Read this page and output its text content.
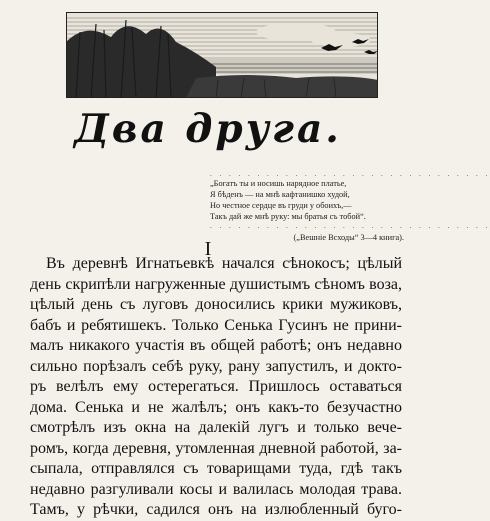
Два друга.
. . . . . . . . . . . . . . . . . . . . . . . . . . . . . .
„Богатъ ты и носишь нарядное платье,
Я бѣденъ — на мнѣ кафтанишко худой,
Но честное сердце въ груди у обоихъ,—
Такъ дай же мнѣ руку: мы братья съ тобой“.
. . . . . . . . . . . . . . . . . . . . . . . . . . . . . .
(„Вешніе Всходы“ 3—4 книга).
I
Въ деревнѣ Игнатьевкѣ начался сѣнокосъ; цѣлый
день скрипѣли нагруженные душистымъ сѣномъ воза,
цѣлый день съ луговъ доносились крики мужиковъ,
бабъ и ребятишекъ. Только Сенька Гусинъ не прини-
малъ никакого участія въ общей работѣ; онъ недавно
сильно порѣзалъ себѣ руку, рану запустилъ, и докто-
ръ велѣлъ ему остерегаться. Пришлось оставаться
дома. Сенька и не жалѣлъ; онъ какъ-то безучастно
смотрѣлъ изъ окна на далекій лугъ и только вече-
ромъ, когда деревня, утомленная дневной работой, за-
сыпала, отправлялся съ товарищами туда, гдѣ такъ
недавно разгуливали косы и валилась молодая трава.
Тамъ, у рѣчки, садился онъ на излюбленный буго-
